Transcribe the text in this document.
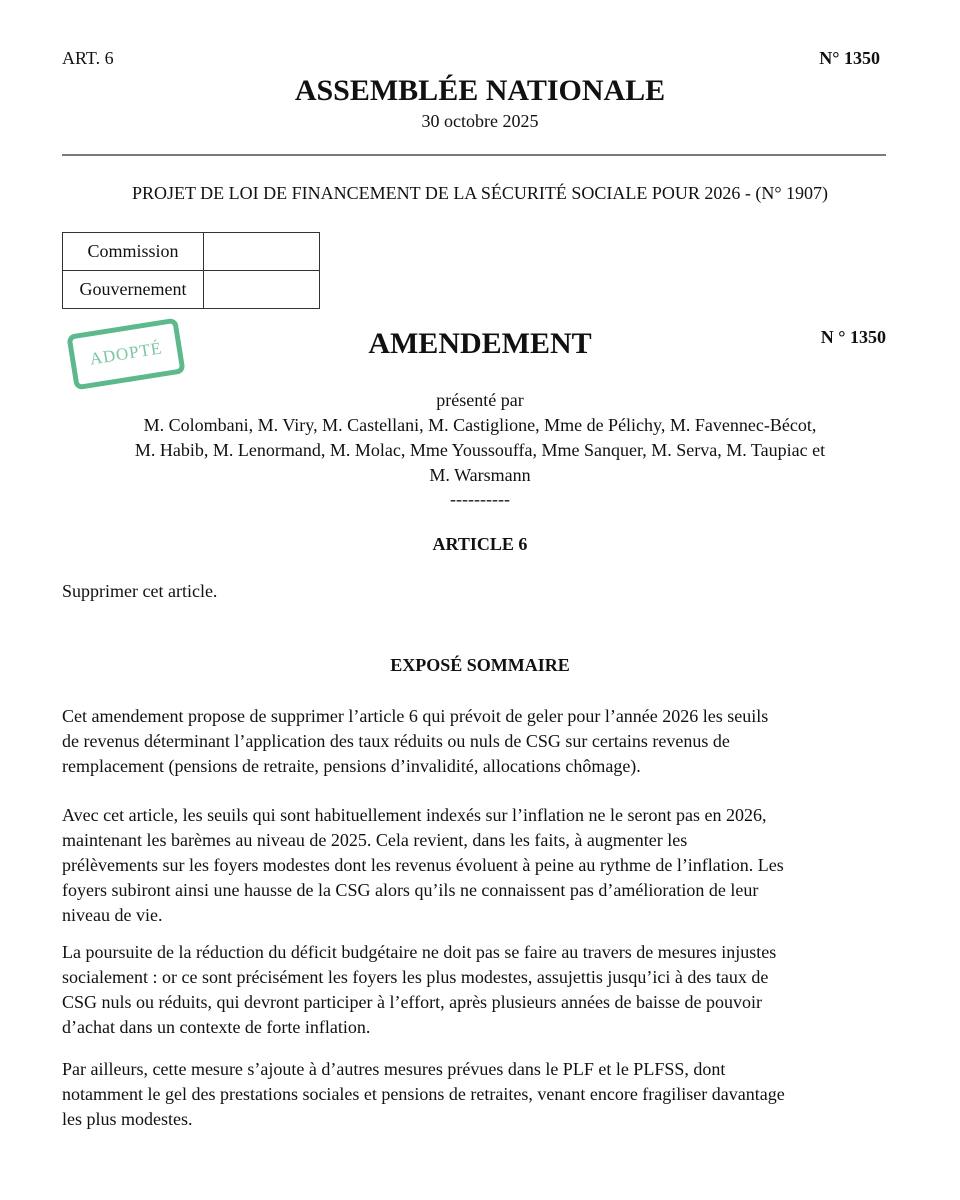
ART. 6	N° 1350
ASSEMBLÉE NATIONALE
30 octobre 2025
PROJET DE LOI DE FINANCEMENT DE LA SÉCURITÉ SOCIALE POUR 2026 - (N° 1907)
Commission	
Gouvernement	
ADOPTÉ	AMENDEMENT	N ° 1350
présenté par
M. Colombani, M. Viry, M. Castellani, M. Castiglione, Mme de Pélichy, M. Favennec-Bécot,
M. Habib, M. Lenormand, M. Molac, Mme Youssouffa, Mme Sanquer, M. Serva, M. Taupiac et
M. Warsmann
----------
ARTICLE 6
Supprimer cet article.
EXPOSÉ SOMMAIRE
Cet amendement propose de supprimer l’article 6 qui prévoit de geler pour l’année 2026 les seuils
de revenus déterminant l’application des taux réduits ou nuls de CSG sur certains revenus de
remplacement (pensions de retraite, pensions d’invalidité, allocations chômage).
Avec cet article, les seuils qui sont habituellement indexés sur l’inflation ne le seront pas en 2026,
maintenant les barèmes au niveau de 2025. Cela revient, dans les faits, à augmenter les
prélèvements sur les foyers modestes dont les revenus évoluent à peine au rythme de l’inflation. Les
foyers subiront ainsi une hausse de la CSG alors qu’ils ne connaissent pas d’amélioration de leur
niveau de vie.
La poursuite de la réduction du déficit budgétaire ne doit pas se faire au travers de mesures injustes
socialement : or ce sont précisément les foyers les plus modestes, assujettis jusqu’ici à des taux de
CSG nuls ou réduits, qui devront participer à l’effort, après plusieurs années de baisse de pouvoir
d’achat dans un contexte de forte inflation.
Par ailleurs, cette mesure s’ajoute à d’autres mesures prévues dans le PLF et le PLFSS, dont
notamment le gel des prestations sociales et pensions de retraites, venant encore fragiliser davantage
les plus modestes.
